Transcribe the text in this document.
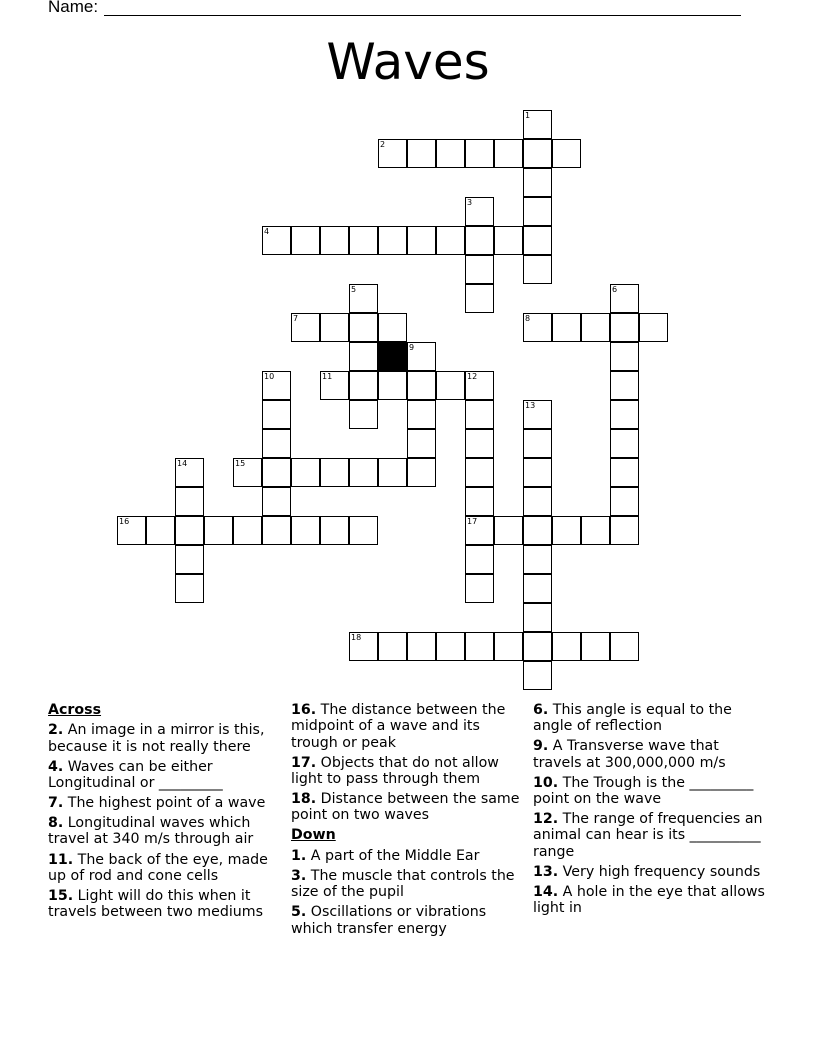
Name:
Waves
1
2
3
4
5	6
7	8
9
10	11	12
13
14	15
16	17
18
Across
2. An image in a mirror is this, because it is not really there
4. Waves can be either Longitudinal or _________
7. The highest point of a wave
8. Longitudinal waves which travel at 340 m/s through air
11. The back of the eye, made up of rod and cone cells
15. Light will do this when it travels between two mediums
16. The distance between the midpoint of a wave and its trough or peak
17. Objects that do not allow light to pass through them
18. Distance between the same point on two waves
Down
1. A part of the Middle Ear
3. The muscle that controls the size of the pupil
5. Oscillations or vibrations which transfer energy
6. This angle is equal to the angle of reflection
9. A Transverse wave that travels at 300,000,000 m/s
10. The Trough is the _________ point on the wave
12. The range of frequencies an animal can hear is its __________ range
13. Very high frequency sounds
14. A hole in the eye that allows light in
